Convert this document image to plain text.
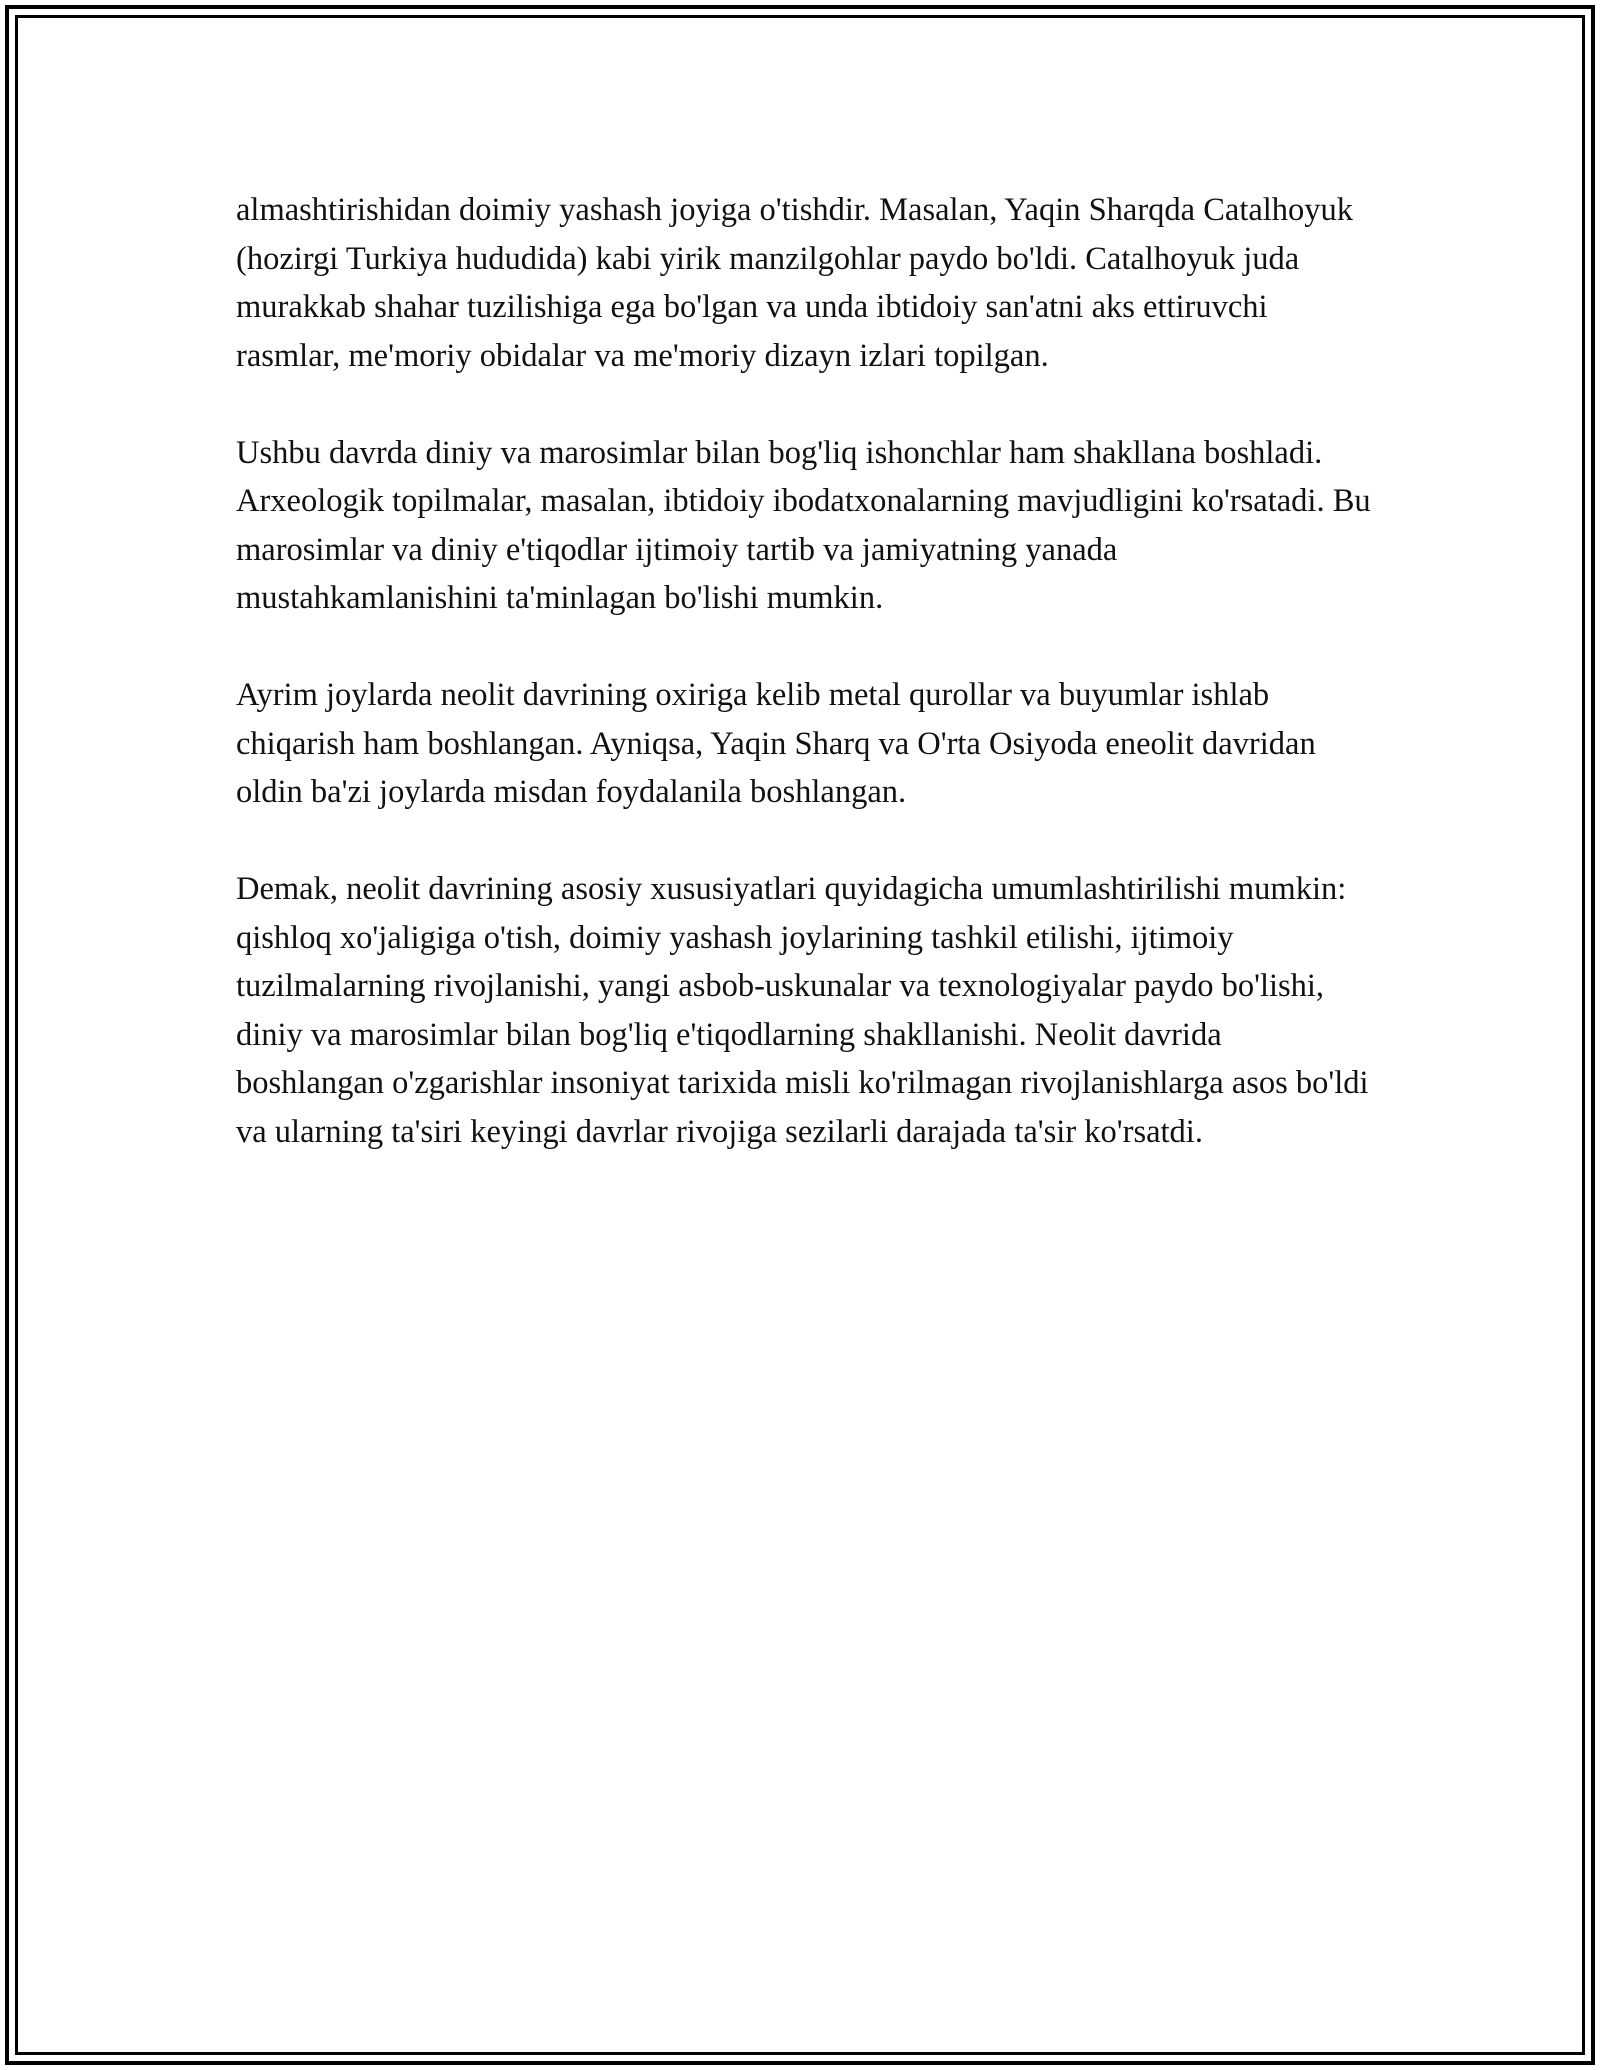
almashtirishidan doimiy yashash joyiga o'tishdir. Masalan, Yaqin Sharqda Catalhoyuk (hozirgi Turkiya hududida) kabi yirik manzilgohlar paydo bo'ldi. Catalhoyuk juda murakkab shahar tuzilishiga ega bo'lgan va unda ibtidoiy san'atni aks ettiruvchi rasmlar, me'moriy obidalar va me'moriy dizayn izlari topilgan.

Ushbu davrda diniy va marosimlar bilan bog'liq ishonchlar ham shakllana boshladi. Arxeologik topilmalar, masalan, ibtidoiy ibodatxonalarning mavjudligini ko'rsatadi. Bu marosimlar va diniy e'tiqodlar ijtimoiy tartib va jamiyatning yanada mustahkamlanishini ta'minlagan bo'lishi mumkin.

Ayrim joylarda neolit davrining oxiriga kelib metal qurollar va buyumlar ishlab chiqarish ham boshlangan. Ayniqsa, Yaqin Sharq va O'rta Osiyoda eneolit davridan oldin ba'zi joylarda misdan foydalanila boshlangan.

Demak, neolit davrining asosiy xususiyatlari quyidagicha umumlashtirilishi mumkin: qishloq xo'jaligiga o'tish, doimiy yashash joylarining tashkil etilishi, ijtimoiy tuzilmalarning rivojlanishi, yangi asbob-uskunalar va texnologiyalar paydo bo'lishi, diniy va marosimlar bilan bog'liq e'tiqodlarning shakllanishi. Neolit davrida boshlangan o'zgarishlar insoniyat tarixida misli ko'rilmagan rivojlanishlarga asos bo'ldi va ularning ta'siri keyingi davrlar rivojiga sezilarli darajada ta'sir ko'rsatdi.
